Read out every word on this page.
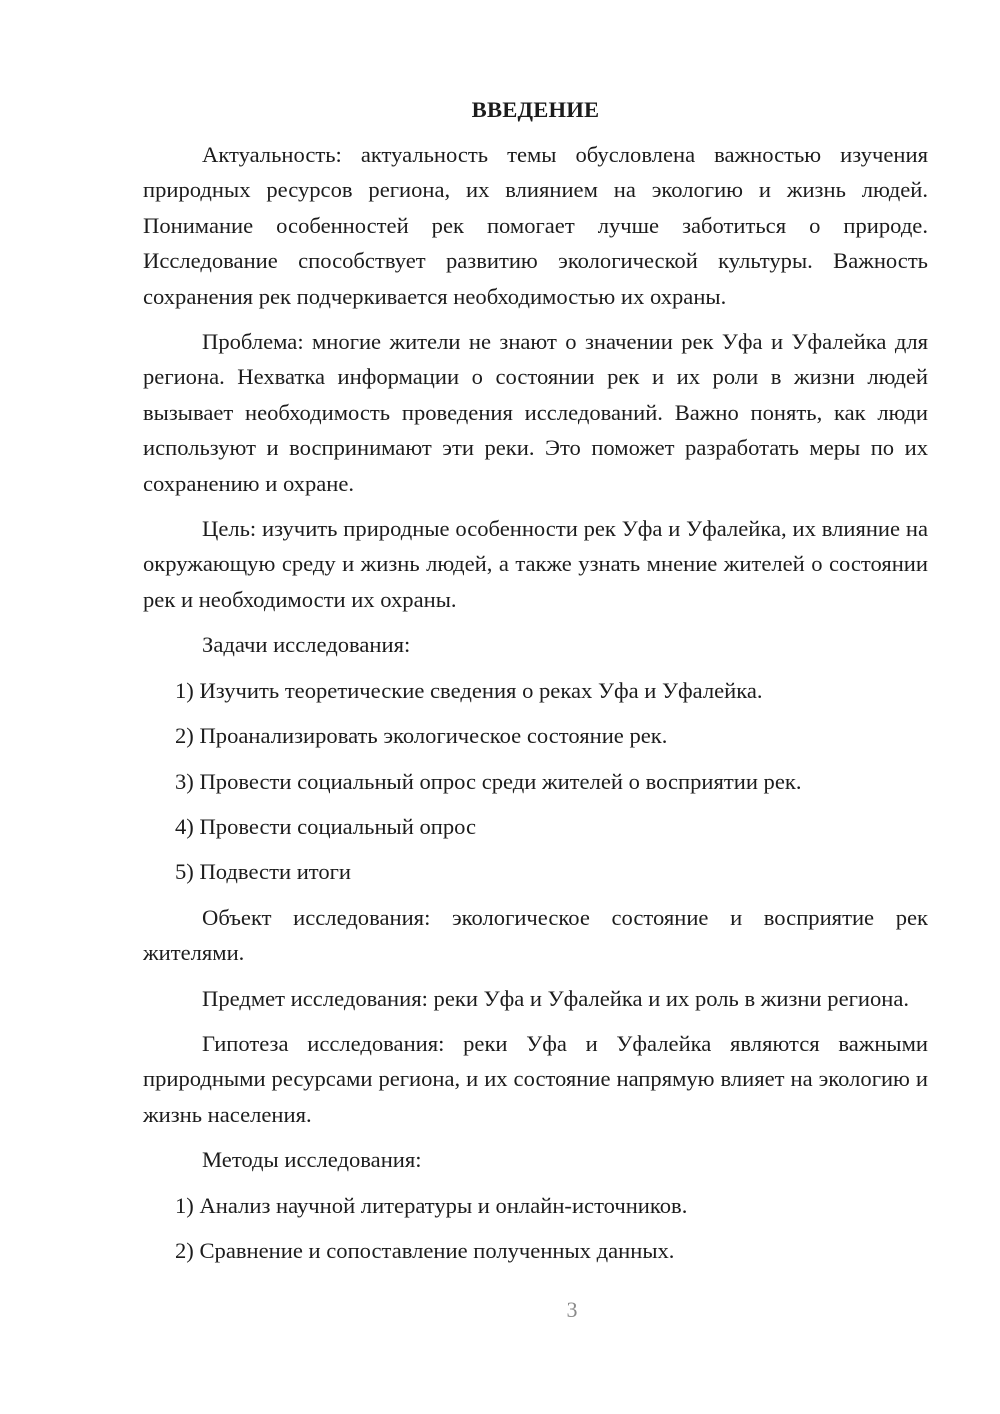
ВВЕДЕНИЕ

Актуальность: актуальность темы обусловлена важностью изучения природных ресурсов региона, их влиянием на экологию и жизнь людей. Понимание особенностей рек помогает лучше заботиться о природе. Исследование способствует развитию экологической культуры. Важность сохранения рек подчеркивается необходимостью их охраны.

Проблема: многие жители не знают о значении рек Уфа и Уфалейка для региона. Нехватка информации о состоянии рек и их роли в жизни людей вызывает необходимость проведения исследований. Важно понять, как люди используют и воспринимают эти реки. Это поможет разработать меры по их сохранению и охране.

Цель: изучить природные особенности рек Уфа и Уфалейка, их влияние на окружающую среду и жизнь людей, а также узнать мнение жителей о состоянии рек и необходимости их охраны.

Задачи исследования:

1) Изучить теоретические сведения о реках Уфа и Уфалейка.
2) Проанализировать экологическое состояние рек.
3) Провести социальный опрос среди жителей о восприятии рек.
4) Провести социальный опрос
5) Подвести итоги

Объект исследования: экологическое состояние и восприятие рек жителями.

Предмет исследования: реки Уфа и Уфалейка и их роль в жизни региона.

Гипотеза исследования: реки Уфа и Уфалейка являются важными природными ресурсами региона, и их состояние напрямую влияет на экологию и жизнь населения.

Методы исследования:

1) Анализ научной литературы и онлайн-источников.
2) Сравнение и сопоставление полученных данных.
3
